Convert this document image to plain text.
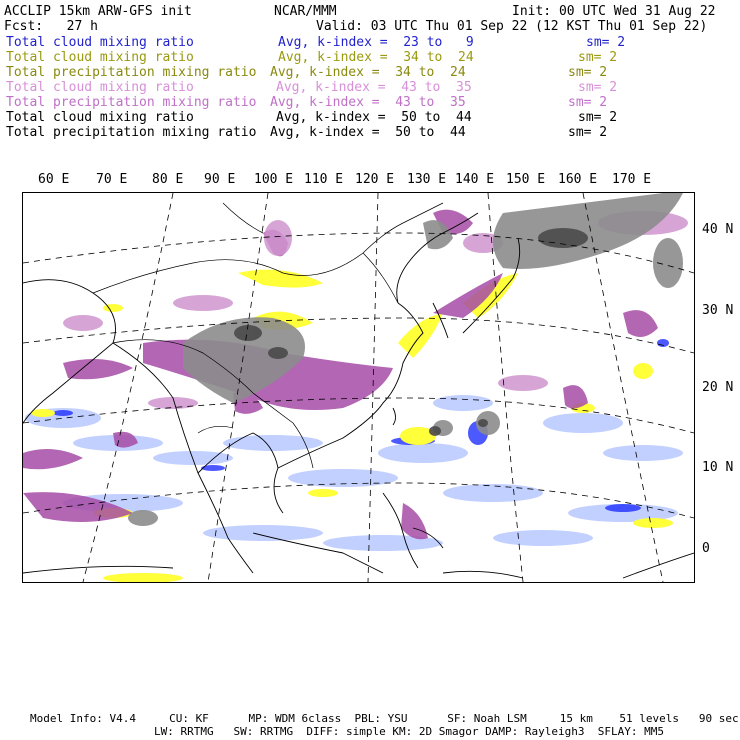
ACCLIP 15km ARW-GFS init	NCAR/MMM	Init: 00 UTC Wed 31 Aug 22
Fcst:   27 h	Valid: 03 UTC Thu 01 Sep 22 (12 KST Thu 01 Sep 22)
Total cloud mixing ratio	Avg, k-index =  23 to   9	sm= 2
Total cloud mixing ratio	Avg, k-index =  34 to  24	sm= 2
Total precipitation mixing ratio Avg, k-index =  34 to  24	sm= 2
Total cloud mixing ratio	Avg, k-index =  43 to  35	sm= 2
Total precipitation mixing ratio Avg, k-index =  43 to  35	sm= 2
Total cloud mixing ratio	Avg, k-index =  50 to  44	sm= 2
Total precipitation mixing ratio Avg, k-index =  50 to  44	sm= 2
60 E 70 E 80 E 90 E 100 E 110 E 120 E 130 E 140 E 150 E 160 E 170 E
40 N
30 N
20 N
10 N
0
Model Info: V4.4     CU: KF      MP: WDM 6class  PBL: YSU      SF: Noah LSM     15 km    51 levels   90 sec
LW: RRTMG   SW: RRTMG  DIFF: simple KM: 2D Smagor DAMP: Rayleigh3  SFLAY: MM5
